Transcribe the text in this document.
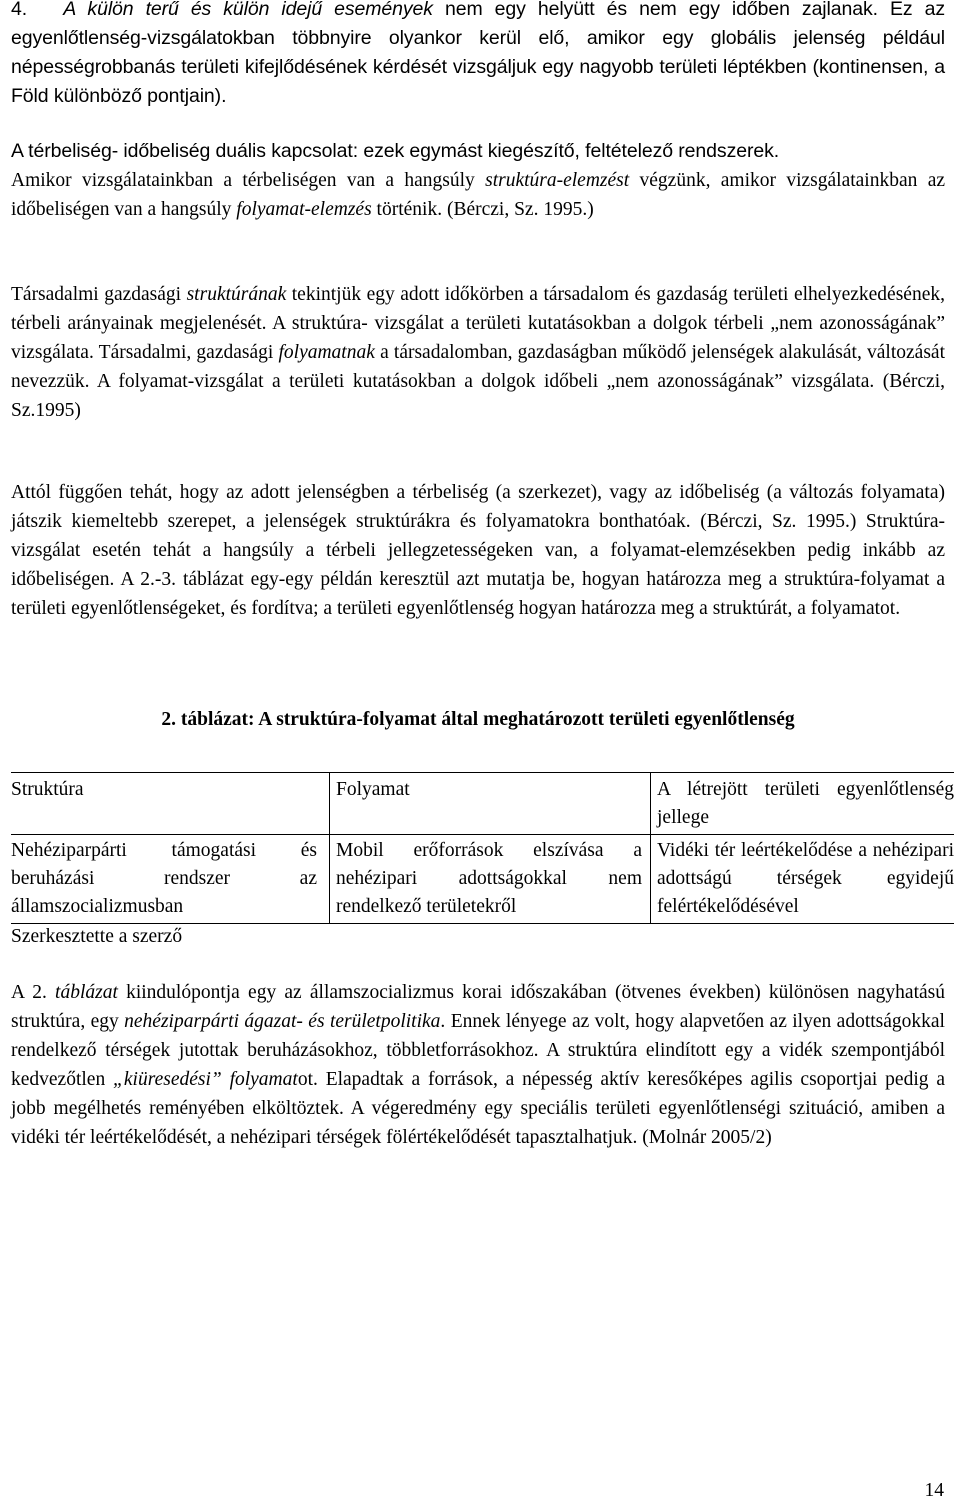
4. A külön terű és külön idejű események nem egy helyütt és nem egy időben zajlanak. Ez az egyenlőtlenség-vizsgálatokban többnyire olyankor kerül elő, amikor egy globális jelenség például népességrobbanás területi kifejlődésének kérdését vizsgáljuk egy nagyobb területi léptékben (kontinensen, a Föld különböző pontjain).

A térbeliség- időbeliség duális kapcsolat: ezek egymást kiegészítő, feltételező rendszerek.

Amikor vizsgálatainkban a térbeliségen van a hangsúly struktúra-elemzést végzünk, amikor vizsgálatainkban az időbeliségen van a hangsúly folyamat-elemzés történik. (Bérczi, Sz. 1995.)

Társadalmi gazdasági struktúrának tekintjük egy adott időkörben a társadalom és gazdaság területi elhelyezkedésének, térbeli arányainak megjelenését. A struktúra- vizsgálat a területi kutatásokban a dolgok térbeli „nem azonosságának” vizsgálata. Társadalmi, gazdasági folyamatnak a társadalomban, gazdaságban működő jelenségek alakulását, változását nevezzük. A folyamat-vizsgálat a területi kutatásokban a dolgok időbeli „nem azonosságának” vizsgálata. (Bérczi, Sz.1995)

Attól függően tehát, hogy az adott jelenségben a térbeliség (a szerkezet), vagy az időbeliség (a változás folyamata) játszik kiemeltebb szerepet, a jelenségek struktúrákra és folyamatokra bonthatóak. (Bérczi, Sz. 1995.) Struktúra-vizsgálat esetén tehát a hangsúly a térbeli jellegzetességeken van, a folyamat-elemzésekben pedig inkább az időbeliségen. A 2.-3. táblázat egy-egy példán keresztül azt mutatja be, hogyan határozza meg a struktúra-folyamat a területi egyenlőtlenségeket, és fordítva; a területi egyenlőtlenség hogyan határozza meg a struktúrát, a folyamatot.

2. táblázat: A struktúra-folyamat által meghatározott területi egyenlőtlenség
Struktúra	Folyamat	A létrejött területi egyenlőtlenség jellege
Nehéziparpárti támogatási és beruházási rendszer az államszocializmusban	Mobil erőforrások elszívása a nehézipari adottságokkal nem rendelkező területekről	Vidéki tér leértékelődése a nehézipari adottságú térségek egyidejű felértékelődésével
Szerkesztette a szerző

A 2. táblázat kiindulópontja egy az államszocializmus korai időszakában (ötvenes években) különösen nagyhatású struktúra, egy nehéziparpárti ágazat- és területpolitika. Ennek lényege az volt, hogy alapvetően az ilyen adottságokkal rendelkező térségek jutottak beruházásokhoz, többletforrásokhoz. A struktúra elindított egy a vidék szempontjából kedvezőtlen „kiüresedési” folyamatot. Elapadtak a források, a népesség aktív keresőképes agilis csoportjai pedig a jobb megélhetés reményében elköltöztek. A végeredmény egy speciális területi egyenlőtlenségi szituáció, amiben a vidéki tér leértékelődését, a nehézipari térségek fölértékelődését tapasztalhatjuk. (Molnár 2005/2)

14
